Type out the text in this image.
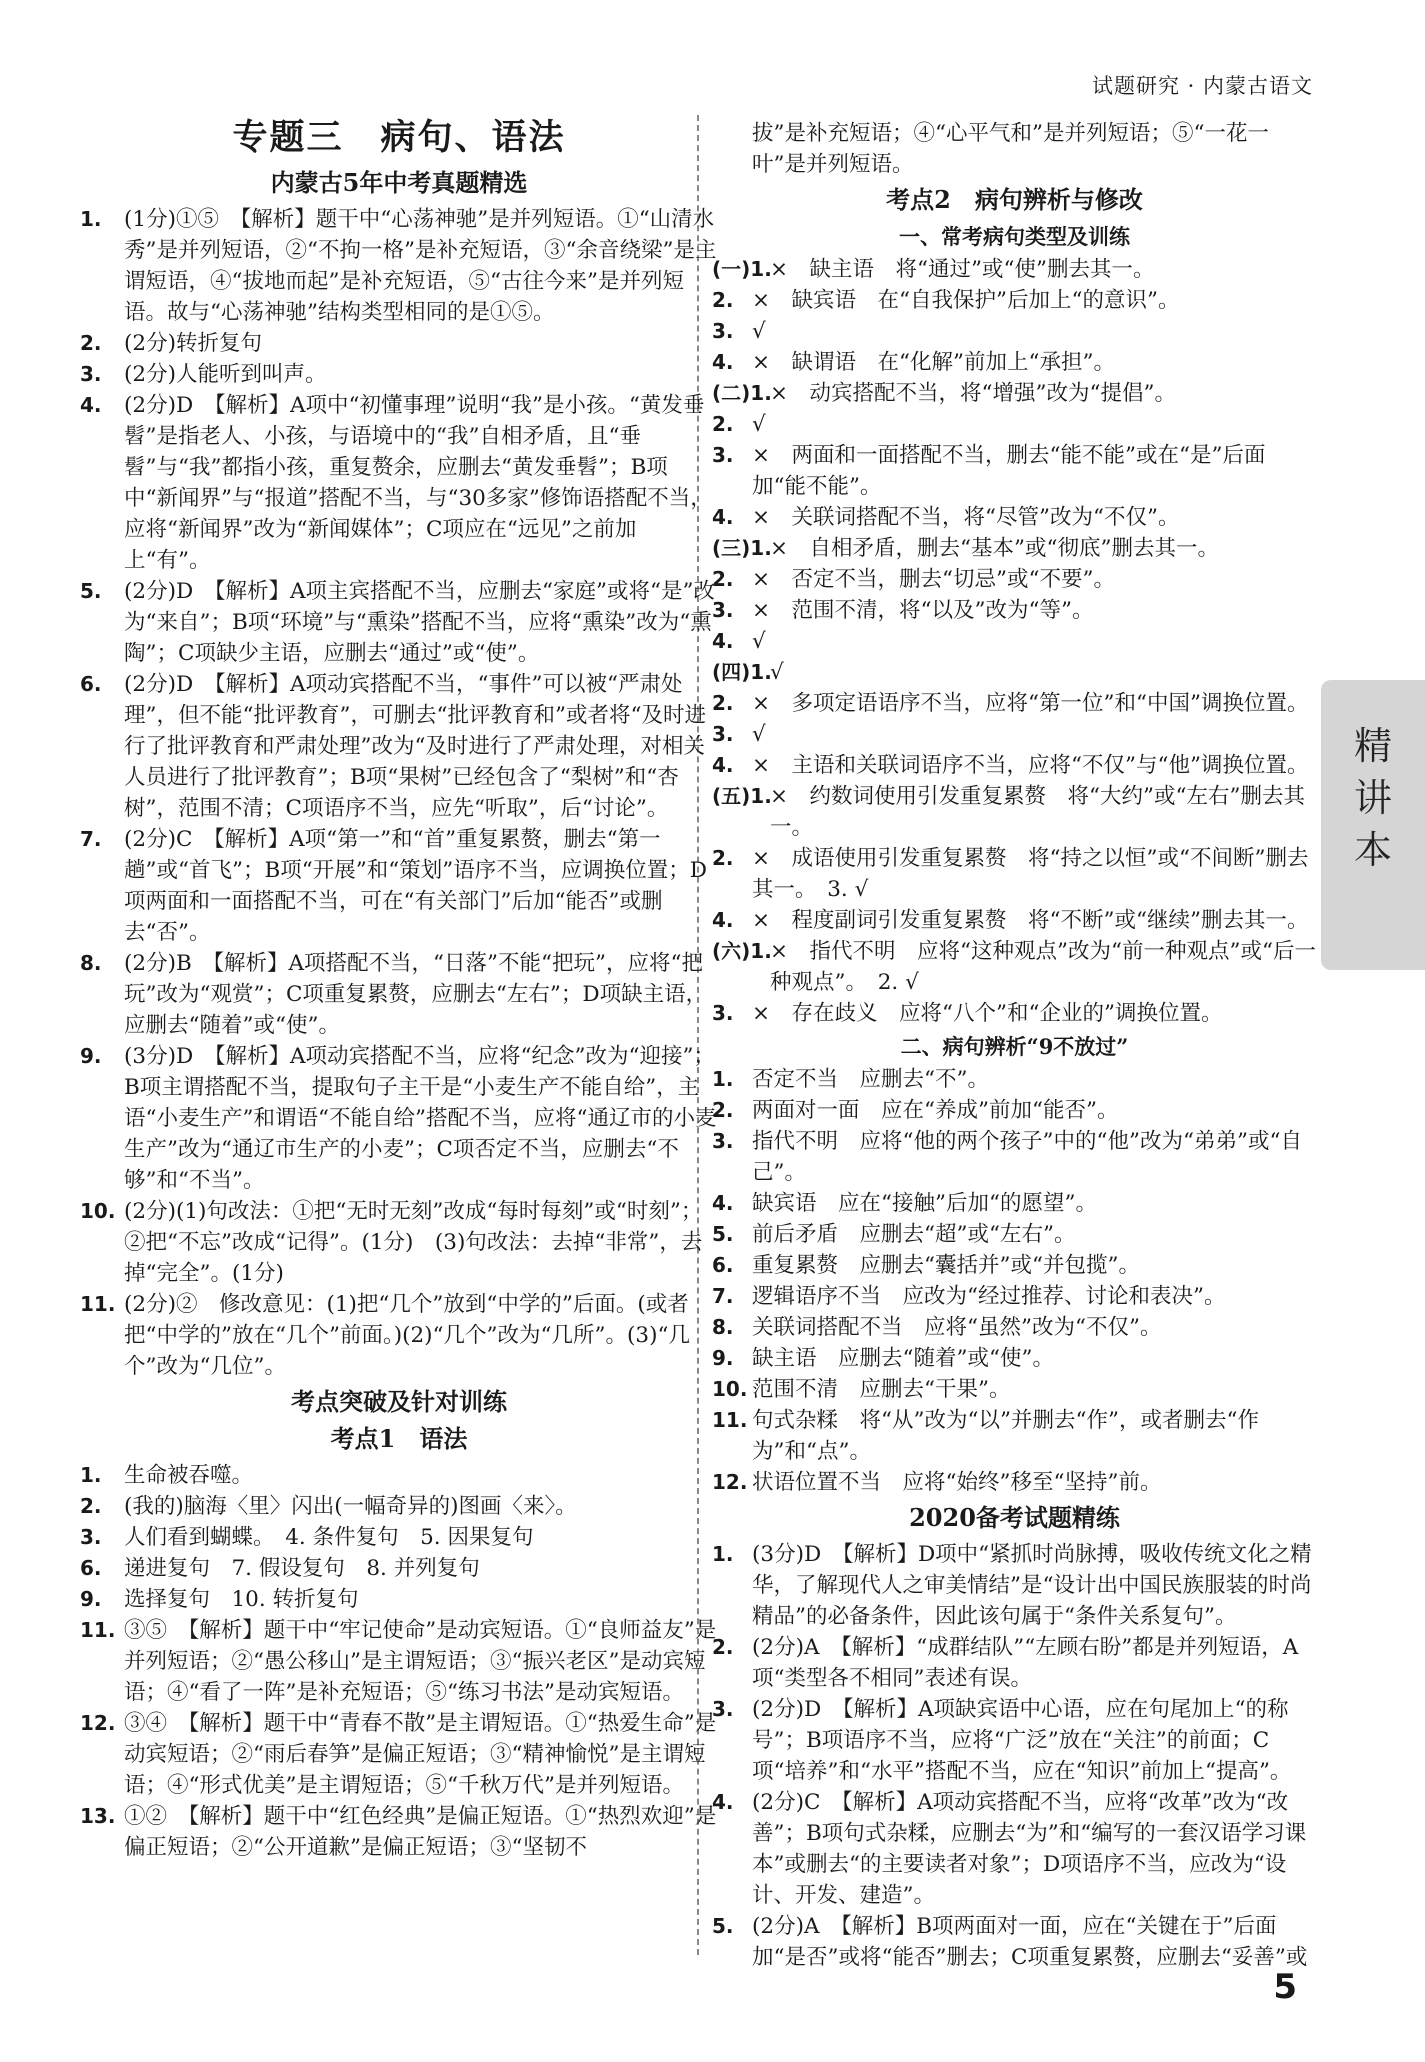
试题研究 · 内蒙古语文
专题三　病句、语法
内蒙古5年中考真题精选
1. (1分)①⑤　【解析】题干中“心荡神驰”是并列短语。①“山清水秀”是并列短语，②“不拘一格”是补充短语，③“余音绕梁”是主谓短语，④“拔地而起”是补充短语，⑤“古往今来”是并列短语。故与“心荡神驰”结构类型相同的是①⑤。
2. (2分)转折复句
3. (2分)人能听到叫声。
4. (2分)D　【解析】A项中“初懂事理”说明“我”是小孩。“黄发垂髫”是指老人、小孩，与语境中的“我”自相矛盾，且“垂髫”与“我”都指小孩，重复赘余，应删去“黄发垂髫”；B项中“新闻界”与“报道”搭配不当，与“30多家”修饰语搭配不当，应将“新闻界”改为“新闻媒体”；C项应在“远见”之前加上“有”。
5. (2分)D　【解析】A项主宾搭配不当，应删去“家庭”或将“是”改为“来自”；B项“环境”与“熏染”搭配不当，应将“熏染”改为“熏陶”；C项缺少主语，应删去“通过”或“使”。
6. (2分)D　【解析】A项动宾搭配不当，“事件”可以被“严肃处理”，但不能“批评教育”，可删去“批评教育和”或者将“及时进行了批评教育和严肃处理”改为“及时进行了严肃处理，对相关人员进行了批评教育”；B项“果树”已经包含了“梨树”和“杏树”，范围不清；C项语序不当，应先“听取”，后“讨论”。
7. (2分)C　【解析】A项“第一”和“首”重复累赘，删去“第一趟”或“首飞”；B项“开展”和“策划”语序不当，应调换位置；D项两面和一面搭配不当，可在“有关部门”后加“能否”或删去“否”。
8. (2分)B　【解析】A项搭配不当，“日落”不能“把玩”，应将“把玩”改为“观赏”；C项重复累赘，应删去“左右”；D项缺主语，应删去“随着”或“使”。
9. (3分)D　【解析】A项动宾搭配不当，应将“纪念”改为“迎接”；B项主谓搭配不当，提取句子主干是“小麦生产不能自给”，主语“小麦生产”和谓语“不能自给”搭配不当，应将“通辽市的小麦生产”改为“通辽市生产的小麦”；C项否定不当，应删去“不够”和“不当”。
10. (2分)(1)句改法：①把“无时无刻”改成“每时每刻”或“时刻”；②把“不忘”改成“记得”。(1分)　(3)句改法：去掉“非常”，去掉“完全”。(1分)
11. (2分)②　修改意见：(1)把“几个”放到“中学的”后面。(或者把“中学的”放在“几个”前面。)(2)“几个”改为“几所”。(3)“几个”改为“几位”。
考点突破及针对训练
考点1　语法
1. 生命被吞噬。
2. (我的)脑海〈里〉闪出(一幅奇异的)图画〈来〉。
3. 人们看到蝴蝶。　4. 条件复句　5. 因果复句
6. 递进复句　7. 假设复句　8. 并列复句
9. 选择复句　10. 转折复句
11. ③⑤　【解析】题干中“牢记使命”是动宾短语。①“良师益友”是并列短语；②“愚公移山”是主谓短语；③“振兴老区”是动宾短语；④“看了一阵”是补充短语；⑤“练习书法”是动宾短语。
12. ③④　【解析】题干中“青春不散”是主谓短语。①“热爱生命”是动宾短语；②“雨后春笋”是偏正短语；③“精神愉悦”是主谓短语；④“形式优美”是主谓短语；⑤“千秋万代”是并列短语。
13. ①②　【解析】题干中“红色经典”是偏正短语。①“热烈欢迎”是偏正短语；②“公开道歉”是偏正短语；③“坚韧不
拔”是补充短语；④“心平气和”是并列短语；⑤“一花一叶”是并列短语。
考点2　病句辨析与修改
一、常考病句类型及训练
(一)1.
×　缺主语　将“通过”或“使”删去其一。
2. ×　缺宾语　在“自我保护”后加上“的意识”。
3. √
4. ×　缺谓语　在“化解”前加上“承担”。
(二)1.
×　动宾搭配不当，将“增强”改为“提倡”。
2. √
3. ×　两面和一面搭配不当，删去“能不能”或在“是”后面加“能不能”。
4. ×　关联词搭配不当，将“尽管”改为“不仅”。
(三)1.
×　自相矛盾，删去“基本”或“彻底”删去其一。
2. ×　否定不当，删去“切忌”或“不要”。
3. ×　范围不清，将“以及”改为“等”。
4. √
(四)1.
√
2. ×　多项定语语序不当，应将“第一位”和“中国”调换位置。
3. √
4. ×　主语和关联词语序不当，应将“不仅”与“他”调换位置。
(五)1.
×　约数词使用引发重复累赘　将“大约”或“左右”删去其一。
2. ×　成语使用引发重复累赘　将“持之以恒”或“不间断”删去其一。　3. √
4. ×　程度副词引发重复累赘　将“不断”或“继续”删去其一。
(六)1.
×　指代不明　应将“这种观点”改为“前一种观点”或“后一种观点”。　2. √
3. ×　存在歧义　应将“八个”和“企业的”调换位置。
二、病句辨析“9不放过”
1. 否定不当　应删去“不”。
2. 两面对一面　应在“养成”前加“能否”。
3. 指代不明　应将“他的两个孩子”中的“他”改为“弟弟”或“自己”。
4. 缺宾语　应在“接触”后加“的愿望”。
5. 前后矛盾　应删去“超”或“左右”。
6. 重复累赘　应删去“囊括并”或“并包揽”。
7. 逻辑语序不当　应改为“经过推荐、讨论和表决”。
8. 关联词搭配不当　应将“虽然”改为“不仅”。
9. 缺主语　应删去“随着”或“使”。
10. 范围不清　应删去“干果”。
11. 句式杂糅　将“从”改为“以”并删去“作”，或者删去“作为”和“点”。
12. 状语位置不当　应将“始终”移至“坚持”前。
2020备考试题精练
1. (3分)D　【解析】D项中“紧抓时尚脉搏，吸收传统文化之精华，了解现代人之审美情结”是“设计出中国民族服装的时尚精品”的必备条件，因此该句属于“条件关系复句”。
2. (2分)A　【解析】“成群结队”“左顾右盼”都是并列短语，A项“类型各不相同”表述有误。
3. (2分)D　【解析】A项缺宾语中心语，应在句尾加上“的称号”；B项语序不当，应将“广泛”放在“关注”的前面；C项“培养”和“水平”搭配不当，应在“知识”前加上“提高”。
4. (2分)C　【解析】A项动宾搭配不当，应将“改革”改为“改善”；B项句式杂糅，应删去“为”和“编写的一套汉语学习课本”或删去“的主要读者对象”；D项语序不当，应改为“设计、开发、建造”。
5. (2分)A　【解析】B项两面对一面，应在“关键在于”后面加“是否”或将“能否”删去；C项重复累赘，应删去“妥善”或
精
讲
本
5
